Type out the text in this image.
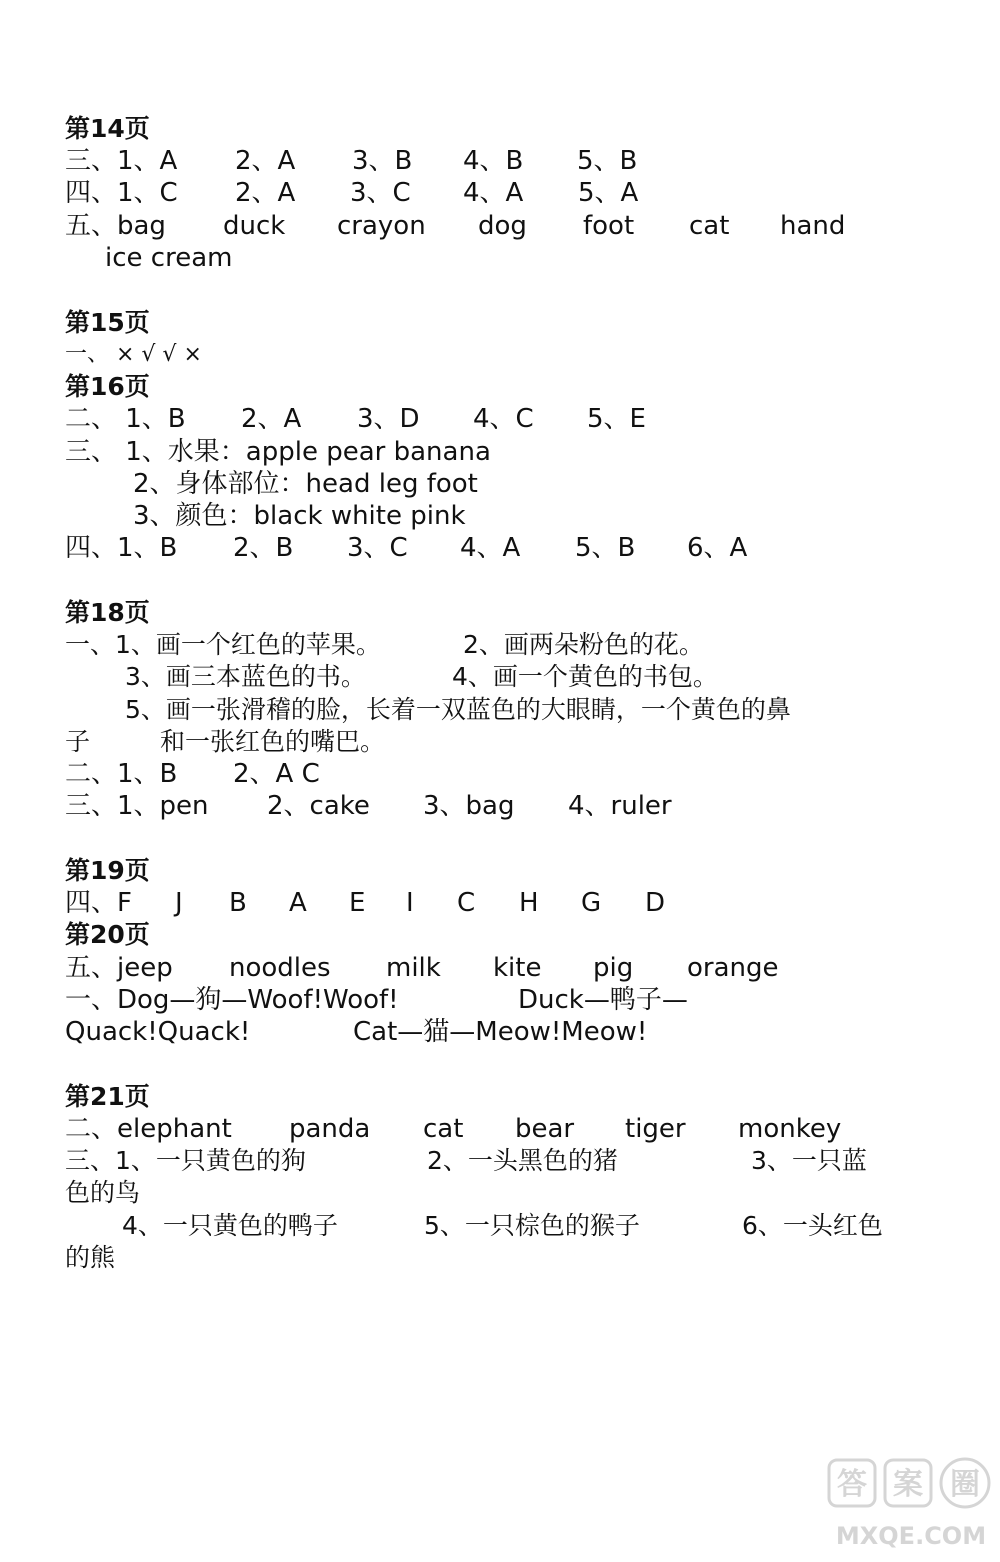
第14页
三、1、A 2、A 3、B 4、B 5、B
四、1、C 2、A 3、C 4、A 5、A
五、bag duck crayon dog foot cat hand
ice cream
第15页
一、 × √ √ ×
第16页
二、 1、B 2、A 3、D 4、C 5、E
三、 1、水果：apple pear banana
2、身体部位：head leg foot
3、颜色：black white pink
四、1、B 2、B 3、C 4、A 5、B 6、A
第18页
一、1、画一个红色的苹果。	2、画两朵粉色的花。
3、画三本蓝色的书。	4、画一个黄色的书包。
5、画一张滑稽的脸，长着一双蓝色的大眼睛，一个黄色的鼻
子	和一张红色的嘴巴。
二、1、B 2、A C
三、1、pen 2、cake 3、bag 4、ruler
第19页
四、F J B A E I C H G D
第20页
五、jeep noodles milk kite pig orange
一、Dog—狗—Woof!Woof!	Duck—鸭子—
Quack!Quack!	Cat—猫—Meow!Meow!
第21页
二、elephant panda cat bear tiger monkey
三、1、一只黄色的狗	2、一头黑色的猪	3、一只蓝
色的鸟
4、一只黄色的鸭子	5、一只棕色的猴子	6、一头红色
的熊
答 案 圈
MXQE.COM
